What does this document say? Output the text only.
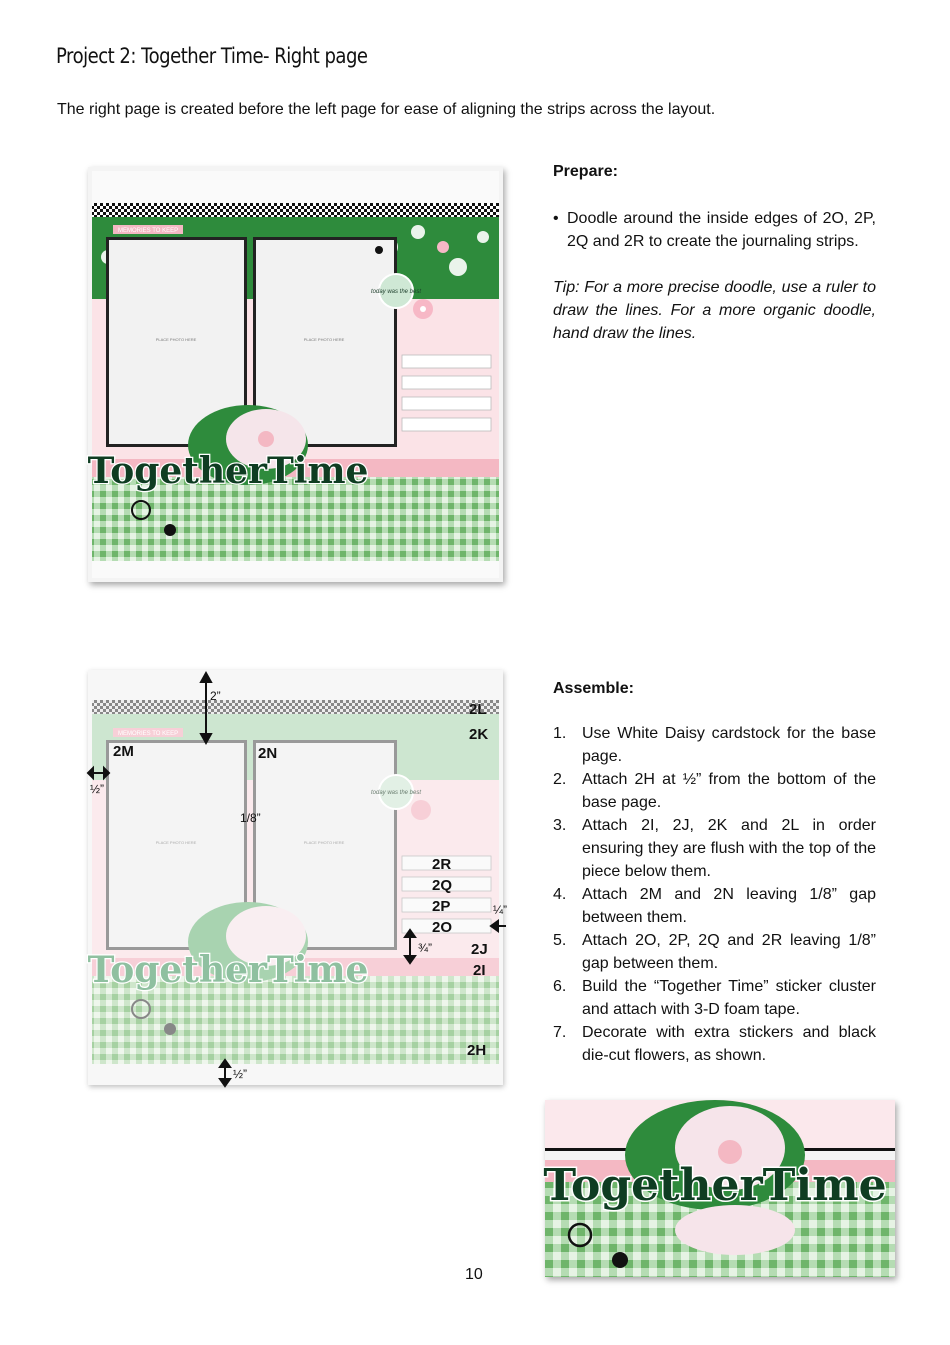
Project 2: Together Time- Right page
The right page is created before the left page for ease of aligning the strips across the layout.
MEMORIES TO KEEP
PLACE PHOTO HERE	PLACE PHOTO HERE
today was the best
TogetherTime
Prepare:
• Doodle around the inside edges of 2O, 2P, 2Q and 2R to create the journaling strips.

Tip: For a more precise doodle, use a ruler to draw the lines. For a more organic doodle, hand draw the lines.

MEMORIES TO KEEP
PLACE PHOTO HERE	PLACE PHOTO HERE
today was the best
TogetherTime
2”
½”
1/8”
¼”
¾”
½”
2L
2K
2M	2N
2R
2Q
2P
2O
2J
2I
2H
Assemble:
1. Use White Daisy cardstock for the base page.
2. Attach 2H at ½” from the bottom of the base page.
3. Attach 2I, 2J, 2K and 2L in order ensuring they are flush with the top of the piece below them.
4. Attach 2M and 2N leaving 1/8” gap between them.
5. Attach 2O, 2P, 2Q and 2R leaving 1/8” gap between them.
6. Build the “Together Time” sticker cluster and attach with 3-D foam tape.
7. Decorate with extra stickers and black die-cut flowers, as shown.
TogetherTime
10
